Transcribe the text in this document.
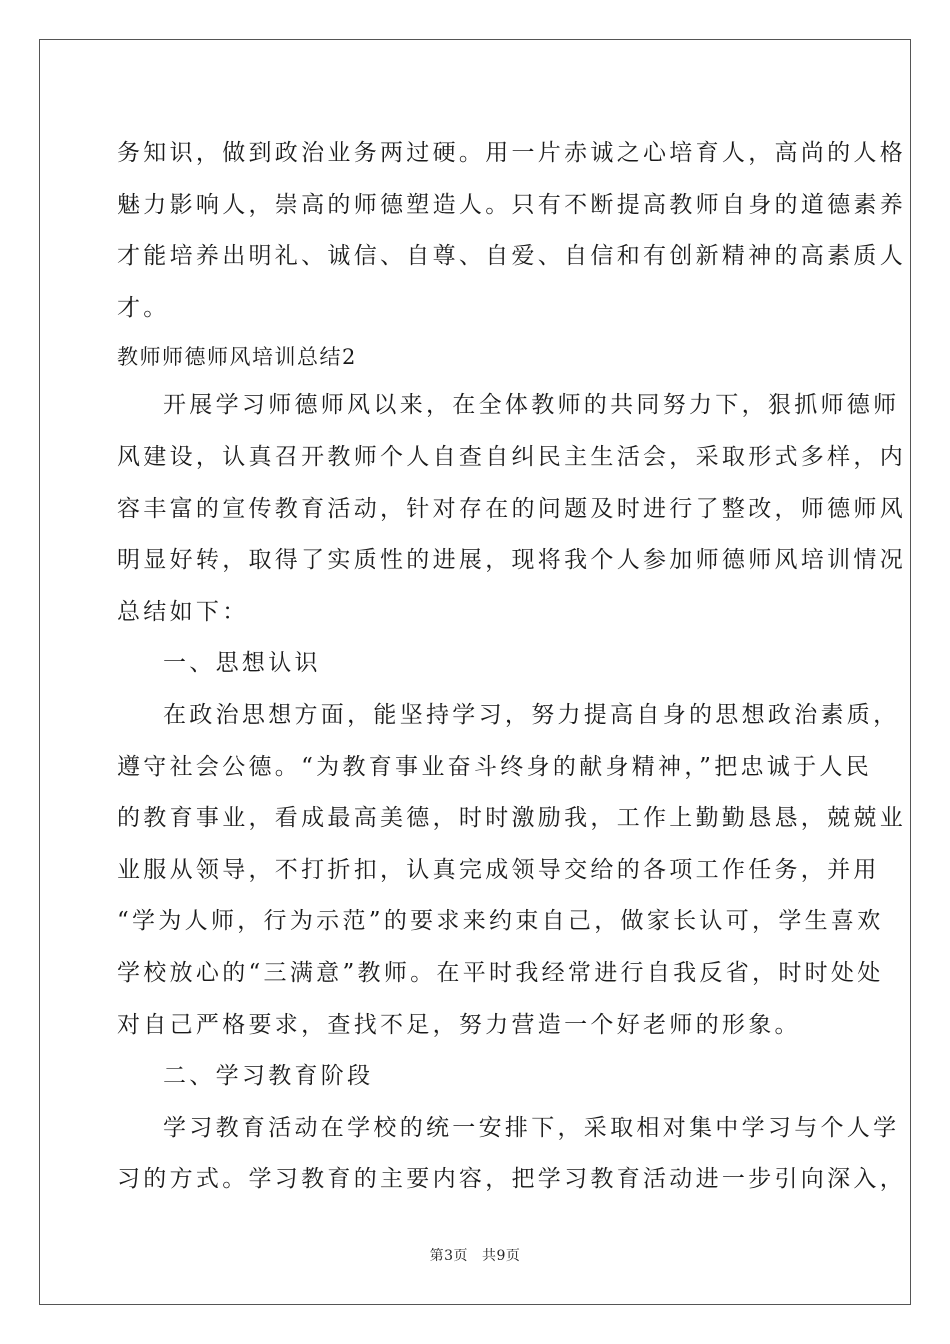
务知识，做到政治业务两过硬。用一片赤诚之心培育人，高尚的人格
魅力影响人，崇高的师德塑造人。只有不断提高教师自身的道德素养
才能培养出明礼、诚信、自尊、自爱、自信和有创新精神的高素质人
才。
教师师德师风培训总结2
开展学习师德师风以来，在全体教师的共同努力下，狠抓师德师
风建设，认真召开教师个人自查自纠民主生活会，采取形式多样，内
容丰富的宣传教育活动，针对存在的问题及时进行了整改，师德师风
明显好转，取得了实质性的进展，现将我个人参加师德师风培训情况
总结如下：
一、思想认识
在政治思想方面，能坚持学习，努力提高自身的思想政治素质，
遵守社会公德。“为教育事业奋斗终身的献身精神，”把忠诚于人民
的教育事业，看成最高美德，时时激励我，工作上勤勤恳恳，兢兢业
业服从领导，不打折扣，认真完成领导交给的各项工作任务，并用
“学为人师，行为示范”的要求来约束自己，做家长认可，学生喜欢
学校放心的“三满意”教师。在平时我经常进行自我反省，时时处处
对自己严格要求，查找不足，努力营造一个好老师的形象。
二、学习教育阶段
学习教育活动在学校的统一安排下，采取相对集中学习与个人学
习的方式。学习教育的主要内容，把学习教育活动进一步引向深入，
第3页 共9页
